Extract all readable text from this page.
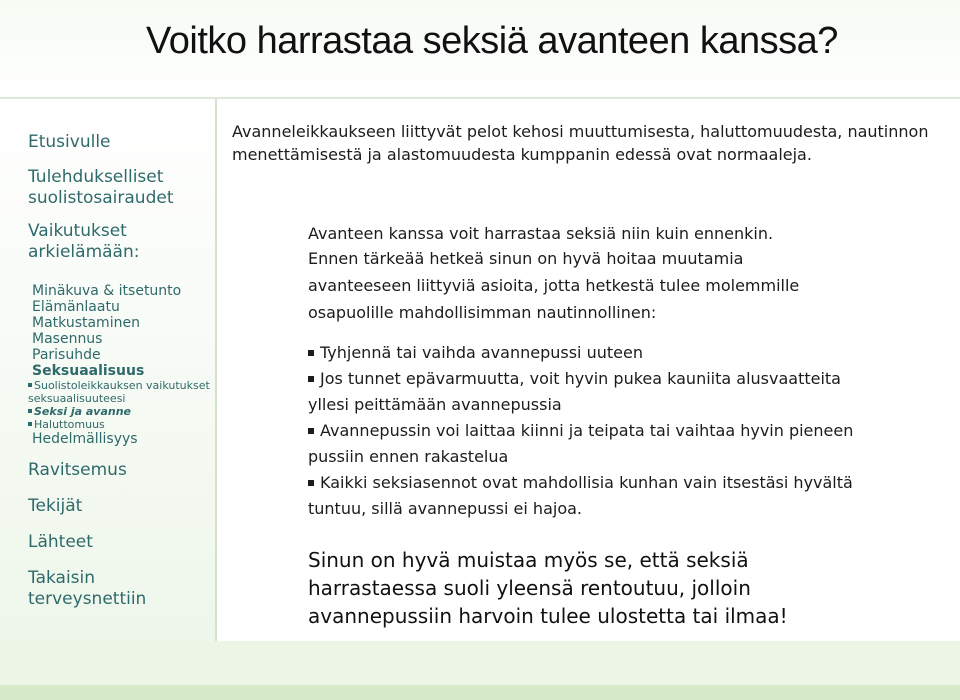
Voitko harrastaa seksiä avanteen kanssa?
Etusivulle
Tulehdukselliset suolistosairaudet
Vaikutukset arkielämään:
Minäkuva & itsetunto
Elämänlaatu
Matkustaminen
Masennus
Parisuhde
Seksuaalisuus
Suolistoleikkauksen vaikutukset seksuaalisuuteesi
Seksi ja avanne
Haluttomuus
Hedelmällisyys
Ravitsemus
Tekijät
Lähteet
Takaisin terveysnettiin
Avanneleikkaukseen liittyvät pelot kehosi muuttumisesta, haluttomuudesta, nautinnon menettämisestä ja alastomuudesta kumppanin edessä ovat normaaleja.
Avanteen kanssa voit harrastaa seksiä niin kuin ennenkin.
Ennen tärkeää hetkeä sinun on hyvä hoitaa muutamia avanteeseen liittyviä asioita, jotta hetkestä tulee molemmille osapuolille mahdollisimman nautinnollinen:
Tyhjennä tai vaihda avannepussi uuteen
Jos tunnet epävarmuutta, voit hyvin pukea kauniita alusvaatteita yllesi peittämään avannepussia
Avannepussin voi laittaa kiinni ja teipata tai vaihtaa hyvin pieneen pussiin ennen rakastelua
Kaikki seksiasennot ovat mahdollisia kunhan vain itsestäsi hyvältä tuntuu, sillä avannepussi ei hajoa.
Sinun on hyvä muistaa myös se, että seksiä harrastaessa suoli yleensä rentoutuu, jolloin avannepussiin harvoin tulee ulostetta tai ilmaa!
